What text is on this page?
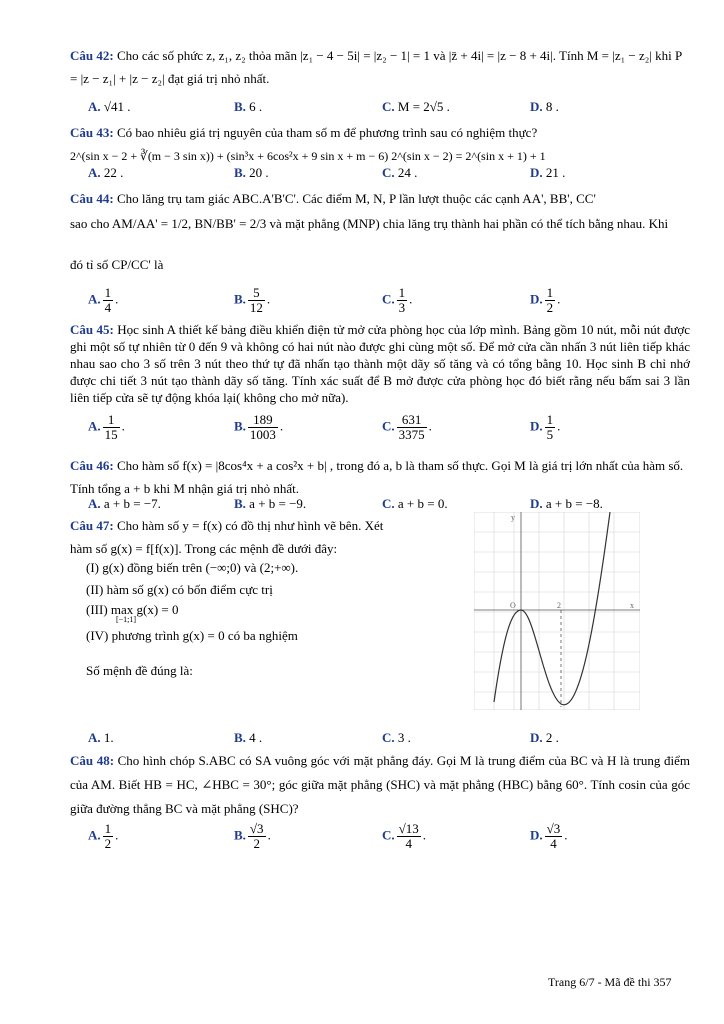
Câu 42: Cho các số phức z, z₁, z₂ thỏa mãn |z₁ − 4 − 5i| = |z₂ − 1| = 1 và |z̄ + 4i| = |z − 8 + 4i|. Tính M = |z₁ − z₂| khi P = |z − z₁| + |z − z₂| đạt giá trị nhỏ nhất.
A. √41 .	B. 6 .	C. M = 2√5 .	D. 8 .
Câu 43: Có bao nhiêu giá trị nguyên của tham số m để phương trình sau có nghiệm thực?
2^(sin x − 2 + ∛(m − 3 sin x)) + (sin³x + 6cos²x + 9 sin x + m − 6) 2^(sin x − 2) = 2^(sin x + 1) + 1
A. 22 .	B. 20 .	C. 24 .	D. 21 .
Câu 44: Cho lăng trụ tam giác ABC.A'B'C'. Các điểm M, N, P lần lượt thuộc các cạnh AA', BB', CC'
sao cho AM/AA' = 1/2, BN/BB' = 2/3 và mặt phẳng (MNP) chia lăng trụ thành hai phần có thể tích bằng nhau. Khi
đó tỉ số CP/CC' là
A. $\frac{1}{4}$ .	B. $\frac{5}{12}$ .	C. $\frac{1}{3}$ .	D. $\frac{1}{2}$ .
Câu 45: Học sinh A thiết kế bảng điều khiển điện tử mở cửa phòng học của lớp mình. Bảng gồm 10 nút, mỗi nút được ghi một số tự nhiên từ 0 đến 9 và không có hai nút nào được ghi cùng một số. Để mở cửa cần nhấn 3 nút liên tiếp khác nhau sao cho 3 số trên 3 nút theo thứ tự đã nhấn tạo thành một dãy số tăng và có tổng bằng 10. Học sinh B chỉ nhớ được chi tiết 3 nút tạo thành dãy số tăng. Tính xác suất để B mở được cửa phòng học đó biết rằng nếu bấm sai 3 lần liên tiếp cửa sẽ tự động khóa lại( không cho mở nữa).
A. $\frac{1}{15}$ .	B. $\frac{189}{1003}$ .	C. $\frac{631}{3375}$ .	D. $\frac{1}{5}$ .
Câu 46: Cho hàm số f(x) = |8cos⁴x + a cos²x + b| , trong đó a, b là tham số thực. Gọi M là giá trị lớn nhất của hàm số. Tính tổng a + b khi M nhận giá trị nhỏ nhất.
A. a + b = −7.	B. a + b = −9.	C. a + b = 0.	D. a + b = −8.
Câu 47: Cho hàm số y = f(x) có đồ thị như hình vẽ bên. Xét
hàm số g(x) = f[f(x)]. Trong các mệnh đề dưới đây:
(I) g(x) đồng biến trên (−∞;0) và (2;+∞).
(II) hàm số g(x) có bốn điểm cực trị
(III) max g(x) = 0
[−1;1]
(IV) phương trình g(x) = 0 có ba nghiệm
Số mệnh đề đúng là:
y
x
O	2
A. 1.	B. 4 .	C. 3 .	D. 2 .
Câu 48: Cho hình chóp S.ABC có SA vuông góc với mặt phẳng đáy. Gọi M là trung điểm của BC và H là trung điểm của AM. Biết HB = HC, ∠HBC = 30°; góc giữa mặt phẳng (SHC) và mặt phẳng (HBC) bằng 60°. Tính cosin của góc giữa đường thẳng BC và mặt phẳng (SHC)?
A. $\frac{1}{2}$ .	B. $\frac{√3}{2}$ .	C. $\frac{√13}{4}$ .	D. $\frac{√3}{4}$ .
Trang 6/7 - Mã đề thi 357
